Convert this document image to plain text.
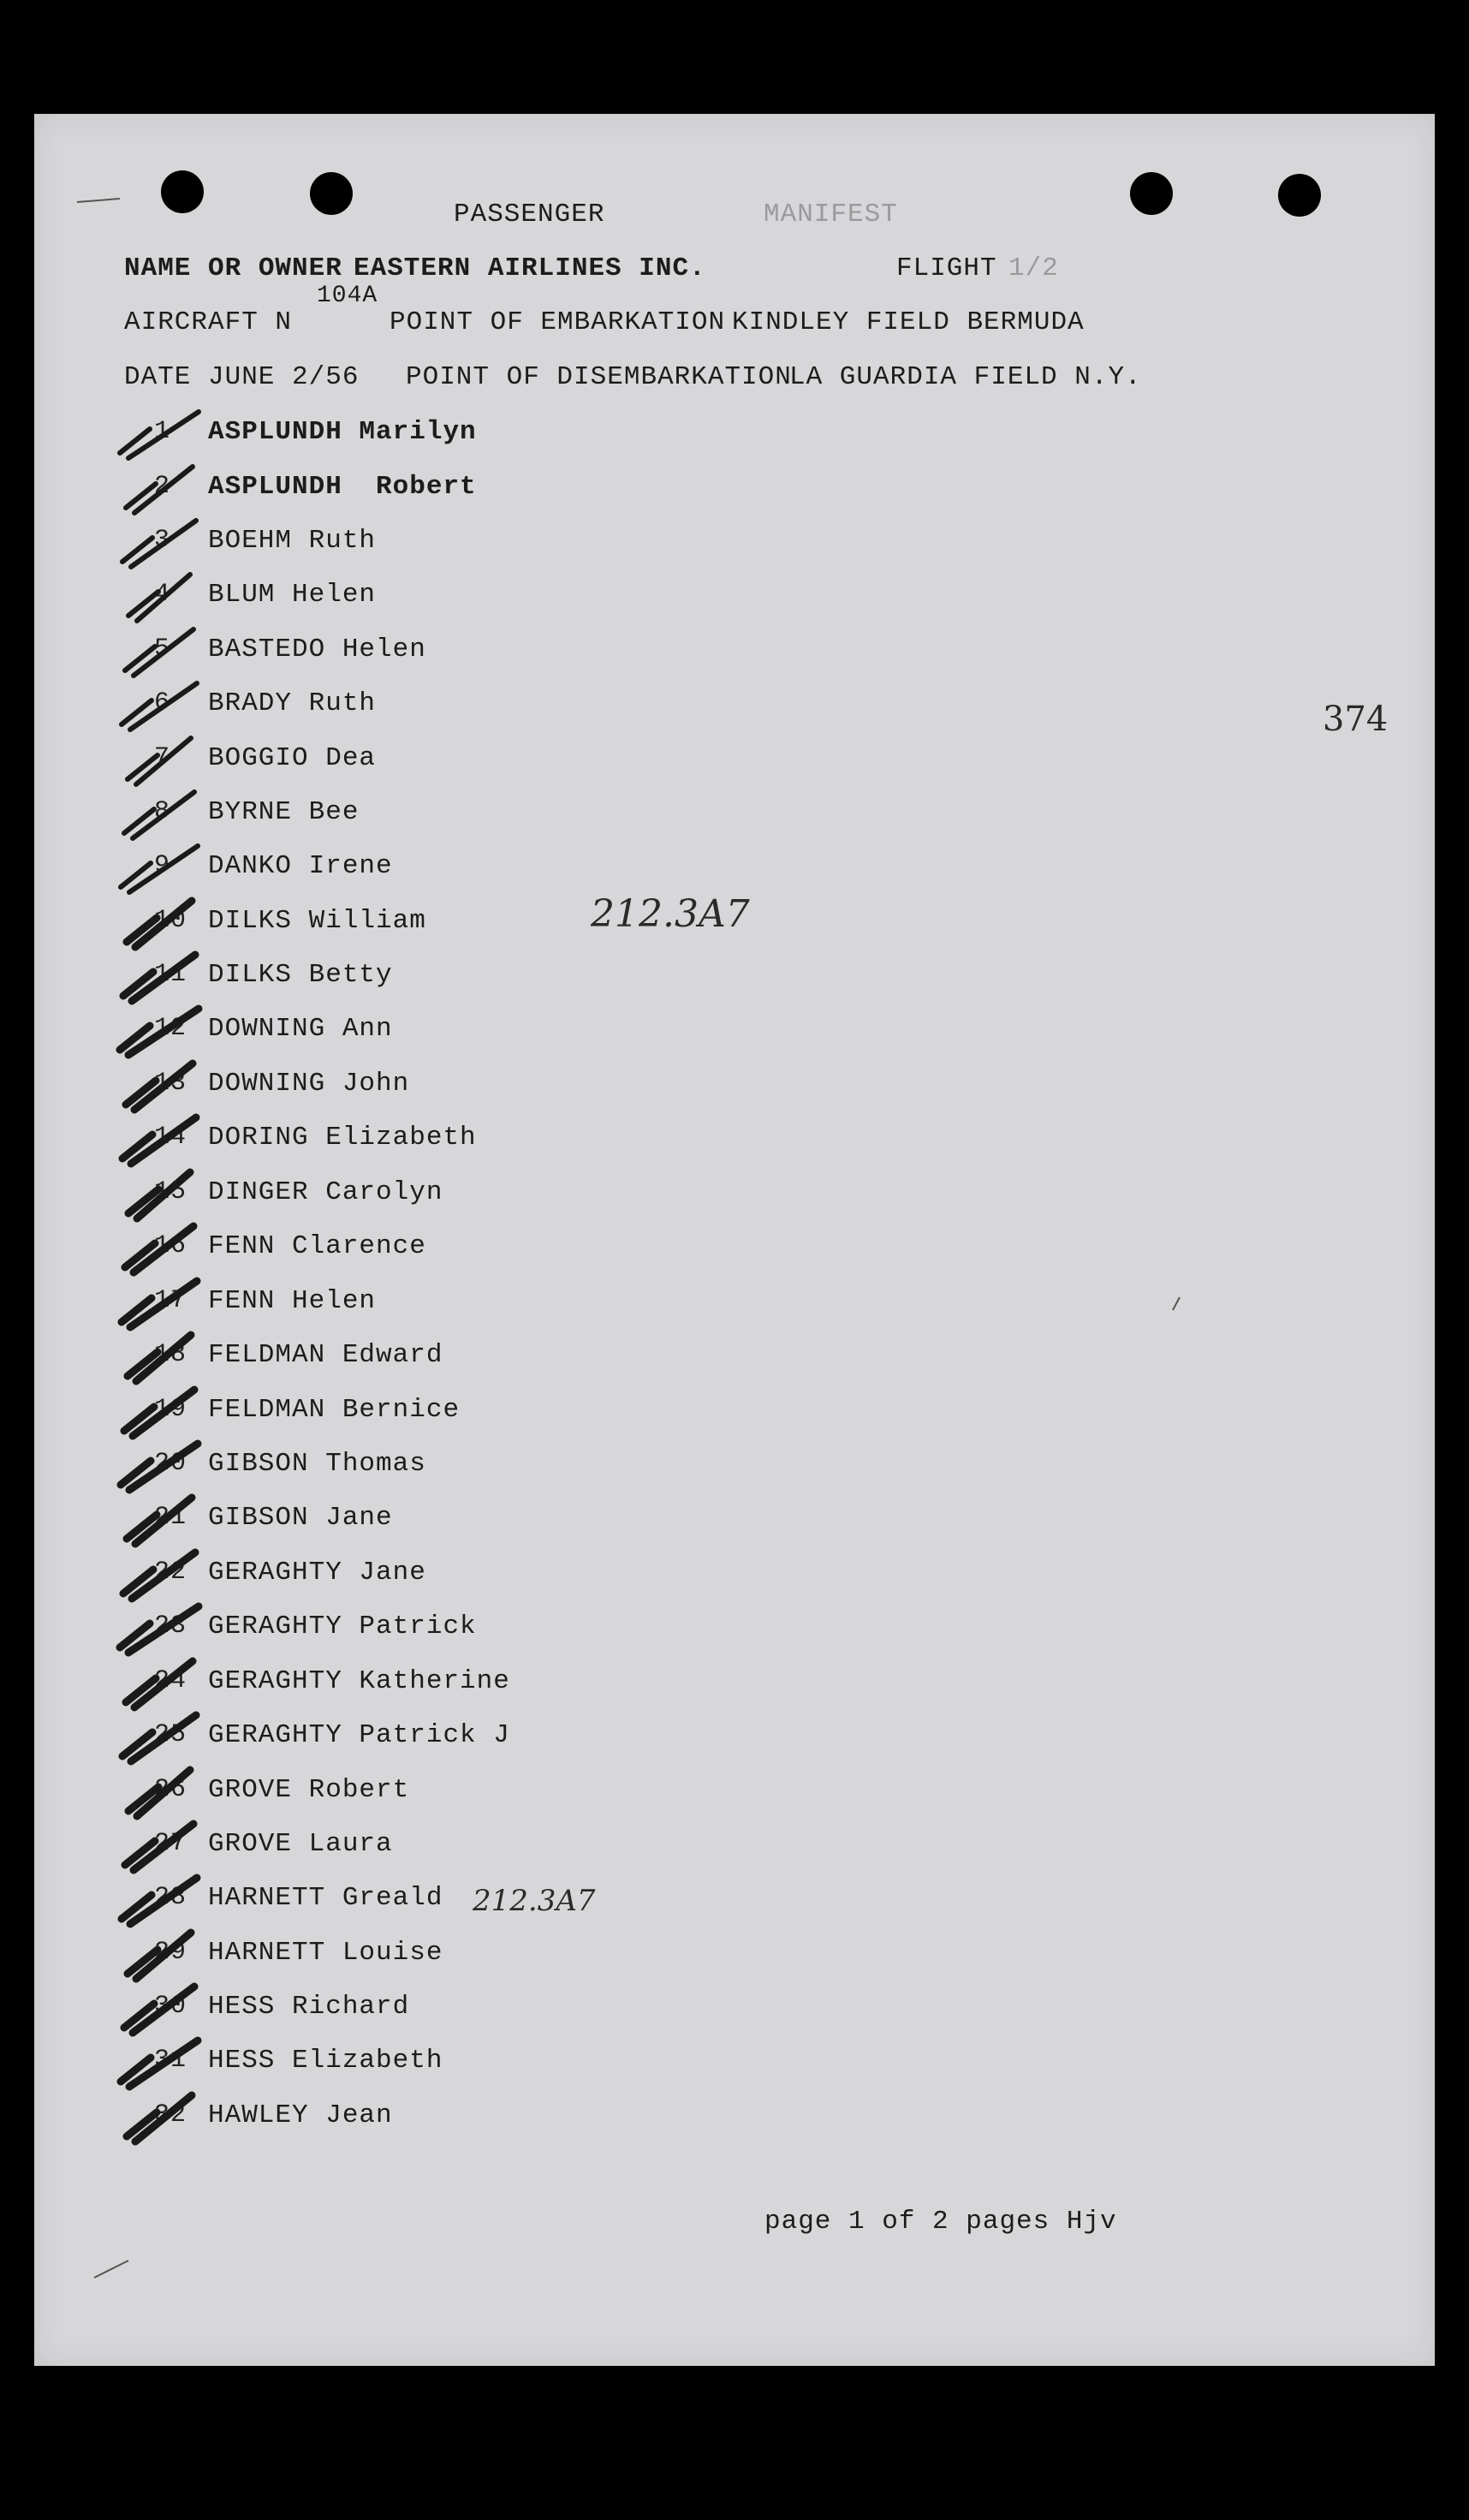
PASSENGER	MANIFEST
NAME OR OWNER EASTERN AIRLINES INC.	FLIGHT 1/2
AIRCRAFT N
104A
POINT OF EMBARKATION KINDLEY FIELD BERMUDA
DATE JUNE 2/56 POINT OF DISEMBARKATION
LA GUARDIA FIELD N.Y.
1	ASPLUNDH Marilyn
2	ASPLUNDH  Robert
3	BOEHM Ruth
4	BLUM Helen
5	BASTEDO Helen
6	BRADY Ruth
7	BOGGIO Dea
8	BYRNE Bee
9	DANKO Irene
10 DILKS William
11 DILKS Betty
12 DOWNING Ann
13 DOWNING John
14 DORING Elizabeth
15 DINGER Carolyn
16 FENN Clarence
17 FENN Helen
18 FELDMAN Edward
19 FELDMAN Bernice
20 GIBSON Thomas
21 GIBSON Jane
22 GERAGHTY Jane
23 GERAGHTY Patrick
24 GERAGHTY Katherine
25 GERAGHTY Patrick J
26 GROVE Robert
27 GROVE Laura
28 HARNETT Greald
29 HARNETT Louise
30 HESS Richard
31 HESS Elizabeth
32 HAWLEY Jean
374
212.3A7
212.3A7
page 1 of 2 pages Hjv
